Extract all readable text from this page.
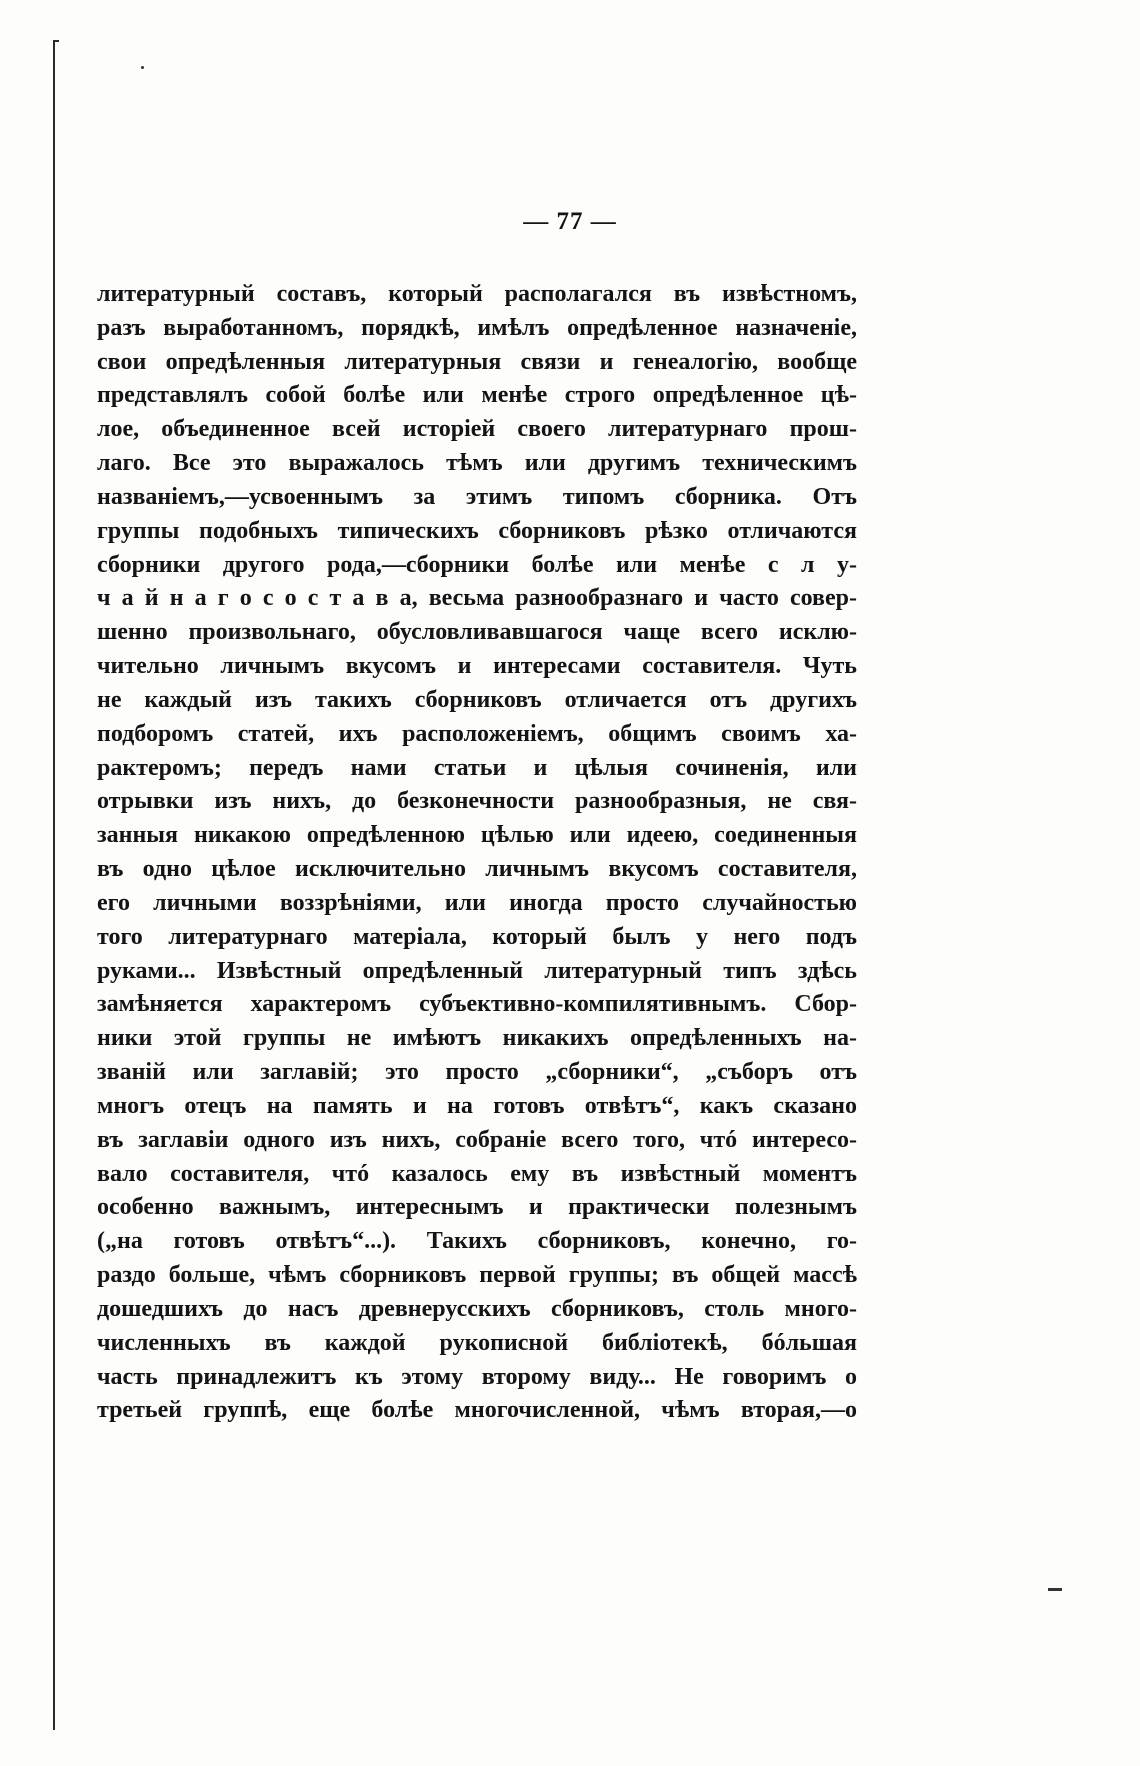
— 77 —
литературный составъ, который располагался въ извѣстномъ,
разъ выработанномъ, порядкѣ, имѣлъ опредѣленное назначеніе,
свои опредѣленныя литературныя связи и генеалогію, вообще
представлялъ собой болѣе или менѣе строго опредѣленное цѣ-
лое, объединенное всей исторіей своего литературнаго прош-
лаго. Все это выражалось тѣмъ или другимъ техническимъ
названіемъ,—усвоеннымъ за этимъ типомъ сборника. Отъ
группы подобныхъ типическихъ сборниковъ рѣзко отличаются
сборники другого рода,—сборники болѣе или менѣе с л у-
ч а й н а г о с о с т а в а, весьма разнообразнаго и часто совер-
шенно произвольнаго, обусловливавшагося чаще всего исклю-
чительно личнымъ вкусомъ и интересами составителя. Чуть
не каждый изъ такихъ сборниковъ отличается отъ другихъ
подборомъ статей, ихъ расположеніемъ, общимъ своимъ ха-
рактеромъ; передъ нами статьи и цѣлыя сочиненія, или
отрывки изъ нихъ, до безконечности разнообразныя, не свя-
занныя никакою опредѣленною цѣлью или идеею, соединенныя
въ одно цѣлое исключительно личнымъ вкусомъ составителя,
его личными воззрѣніями, или иногда просто случайностью
того литературнаго матеріала, который былъ у него подъ
руками... Извѣстный опредѣленный литературный типъ здѣсь
замѣняется характеромъ субъективно-компилятивнымъ. Сбор-
ники этой группы не имѣютъ никакихъ опредѣленныхъ на-
званій или заглавій; это просто „сборники“, „съборъ отъ
многъ отецъ на память и на готовъ отвѣтъ“, какъ сказано
въ заглавіи одного изъ нихъ, собраніе всего того, чтó интересо-
вало составителя, чтó казалось ему въ извѣстный моментъ
особенно важнымъ, интереснымъ и практически полезнымъ
(„на готовъ отвѣтъ“...). Такихъ сборниковъ, конечно, го-
раздо больше, чѣмъ сборниковъ первой группы; въ общей массѣ
дошедшихъ до насъ древнерусскихъ сборниковъ, столь много-
численныхъ въ каждой рукописной библіотекѣ, бóльшая
часть принадлежитъ къ этому второму виду... Не говоримъ о
третьей группѣ, еще болѣе многочисленной, чѣмъ вторая,—о
